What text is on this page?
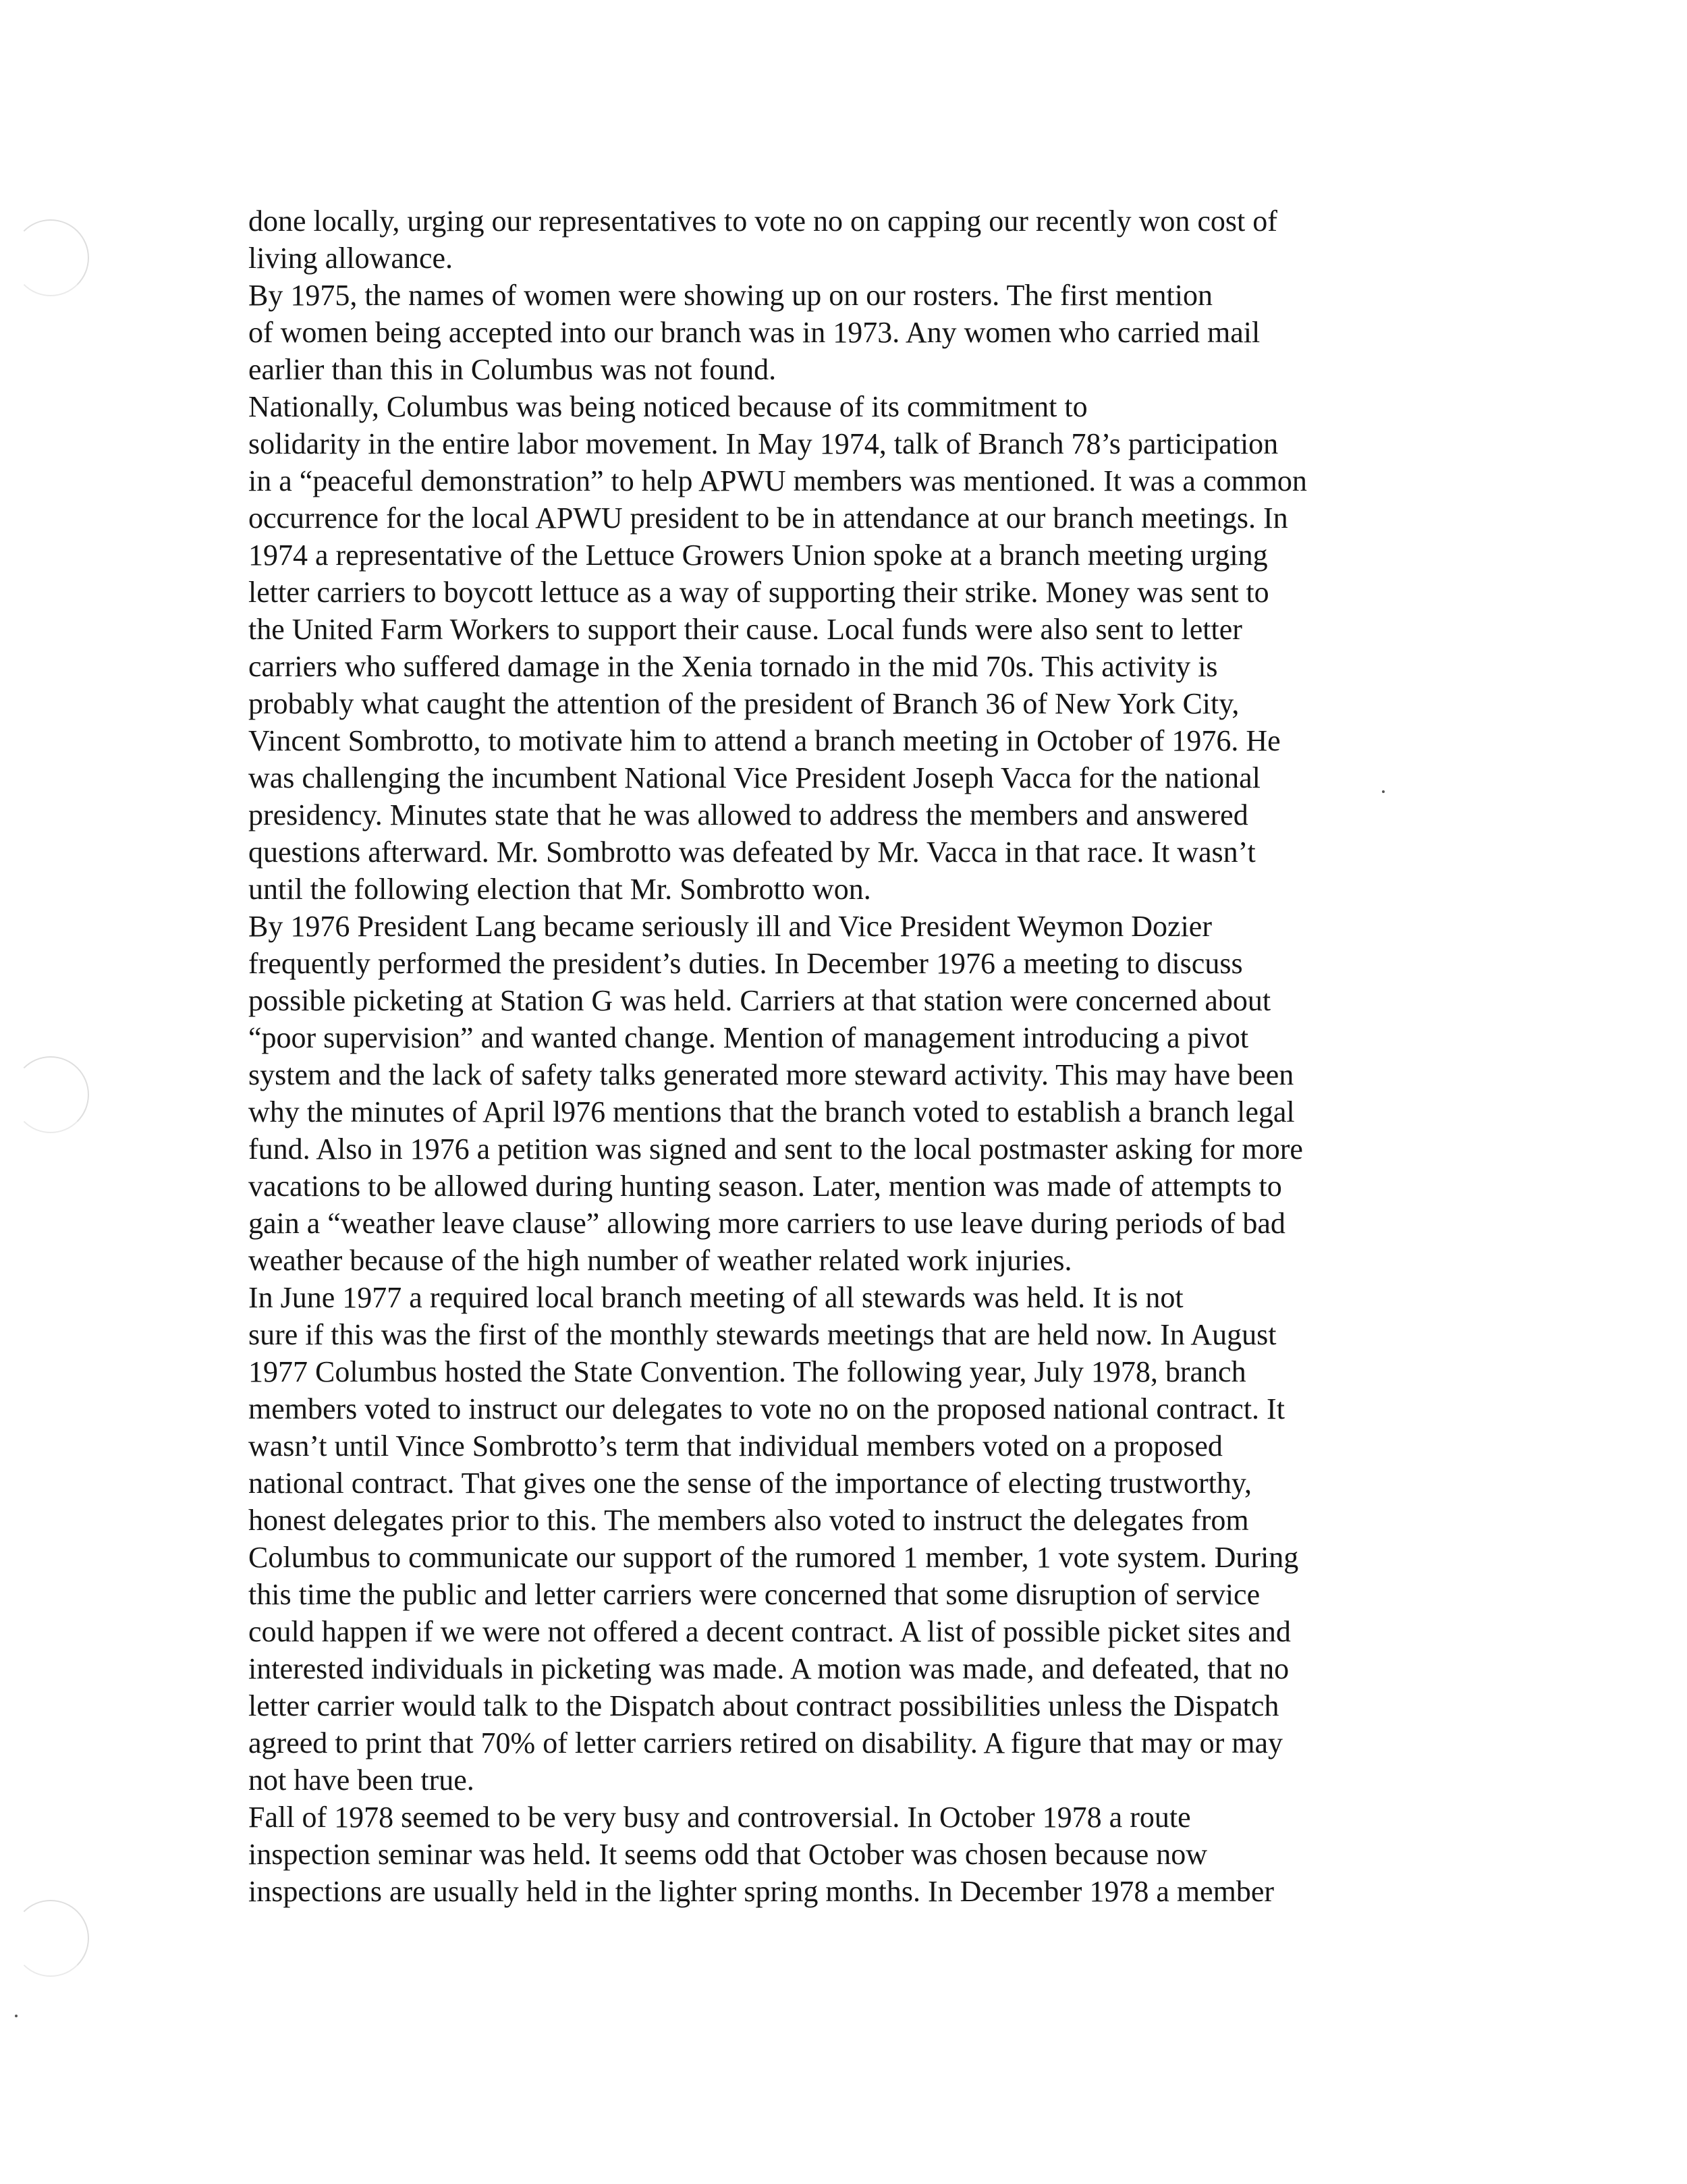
done locally, urging our representatives to vote no on capping our recently won cost of
living allowance.

By 1975, the names of women were showing up on our rosters. The first mention
of women being accepted into our branch was in 1973. Any women who carried mail
earlier than this in Columbus was not found.

Nationally, Columbus was being noticed because of its commitment to
solidarity in the entire labor movement. In May 1974, talk of Branch 78’s participation
in a “peaceful demonstration” to help APWU members was mentioned. It was a common
occurrence for the local APWU president to be in attendance at our branch meetings. In
1974 a representative of the Lettuce Growers Union spoke at a branch meeting urging
letter carriers to boycott lettuce as a way of supporting their strike. Money was sent to
the United Farm Workers to support their cause. Local funds were also sent to letter
carriers who suffered damage in the Xenia tornado in the mid 70s. This activity is
probably what caught the attention of the president of Branch 36 of New York City,
Vincent Sombrotto, to motivate him to attend a branch meeting in October of 1976. He
was challenging the incumbent National Vice President Joseph Vacca for the national
presidency. Minutes state that he was allowed to address the members and answered
questions afterward. Mr. Sombrotto was defeated by Mr. Vacca in that race. It wasn’t
until the following election that Mr. Sombrotto won.

By 1976 President Lang became seriously ill and Vice President Weymon Dozier
frequently performed the president’s duties. In December 1976 a meeting to discuss
possible picketing at Station G was held. Carriers at that station were concerned about
“poor supervision” and wanted change. Mention of management introducing a pivot
system and the lack of safety talks generated more steward activity. This may have been
why the minutes of April l976 mentions that the branch voted to establish a branch legal
fund. Also in 1976 a petition was signed and sent to the local postmaster asking for more
vacations to be allowed during hunting season. Later, mention was made of attempts to
gain a “weather leave clause” allowing more carriers to use leave during periods of bad
weather because of the high number of weather related work injuries.

In June 1977 a required local branch meeting of all stewards was held. It is not
sure if this was the first of the monthly stewards meetings that are held now. In August
1977 Columbus hosted the State Convention. The following year, July 1978, branch
members voted to instruct our delegates to vote no on the proposed national contract. It
wasn’t until Vince Sombrotto’s term that individual members voted on a proposed
national contract. That gives one the sense of the importance of electing trustworthy,
honest delegates prior to this. The members also voted to instruct the delegates from
Columbus to communicate our support of the rumored 1 member, 1 vote system. During
this time the public and letter carriers were concerned that some disruption of service
could happen if we were not offered a decent contract. A list of possible picket sites and
interested individuals in picketing was made. A motion was made, and defeated, that no
letter carrier would talk to the Dispatch about contract possibilities unless the Dispatch
agreed to print that 70% of letter carriers retired on disability. A figure that may or may
not have been true.

Fall of 1978 seemed to be very busy and controversial. In October 1978 a route
inspection seminar was held. It seems odd that October was chosen because now
inspections are usually held in the lighter spring months. In December 1978 a member
